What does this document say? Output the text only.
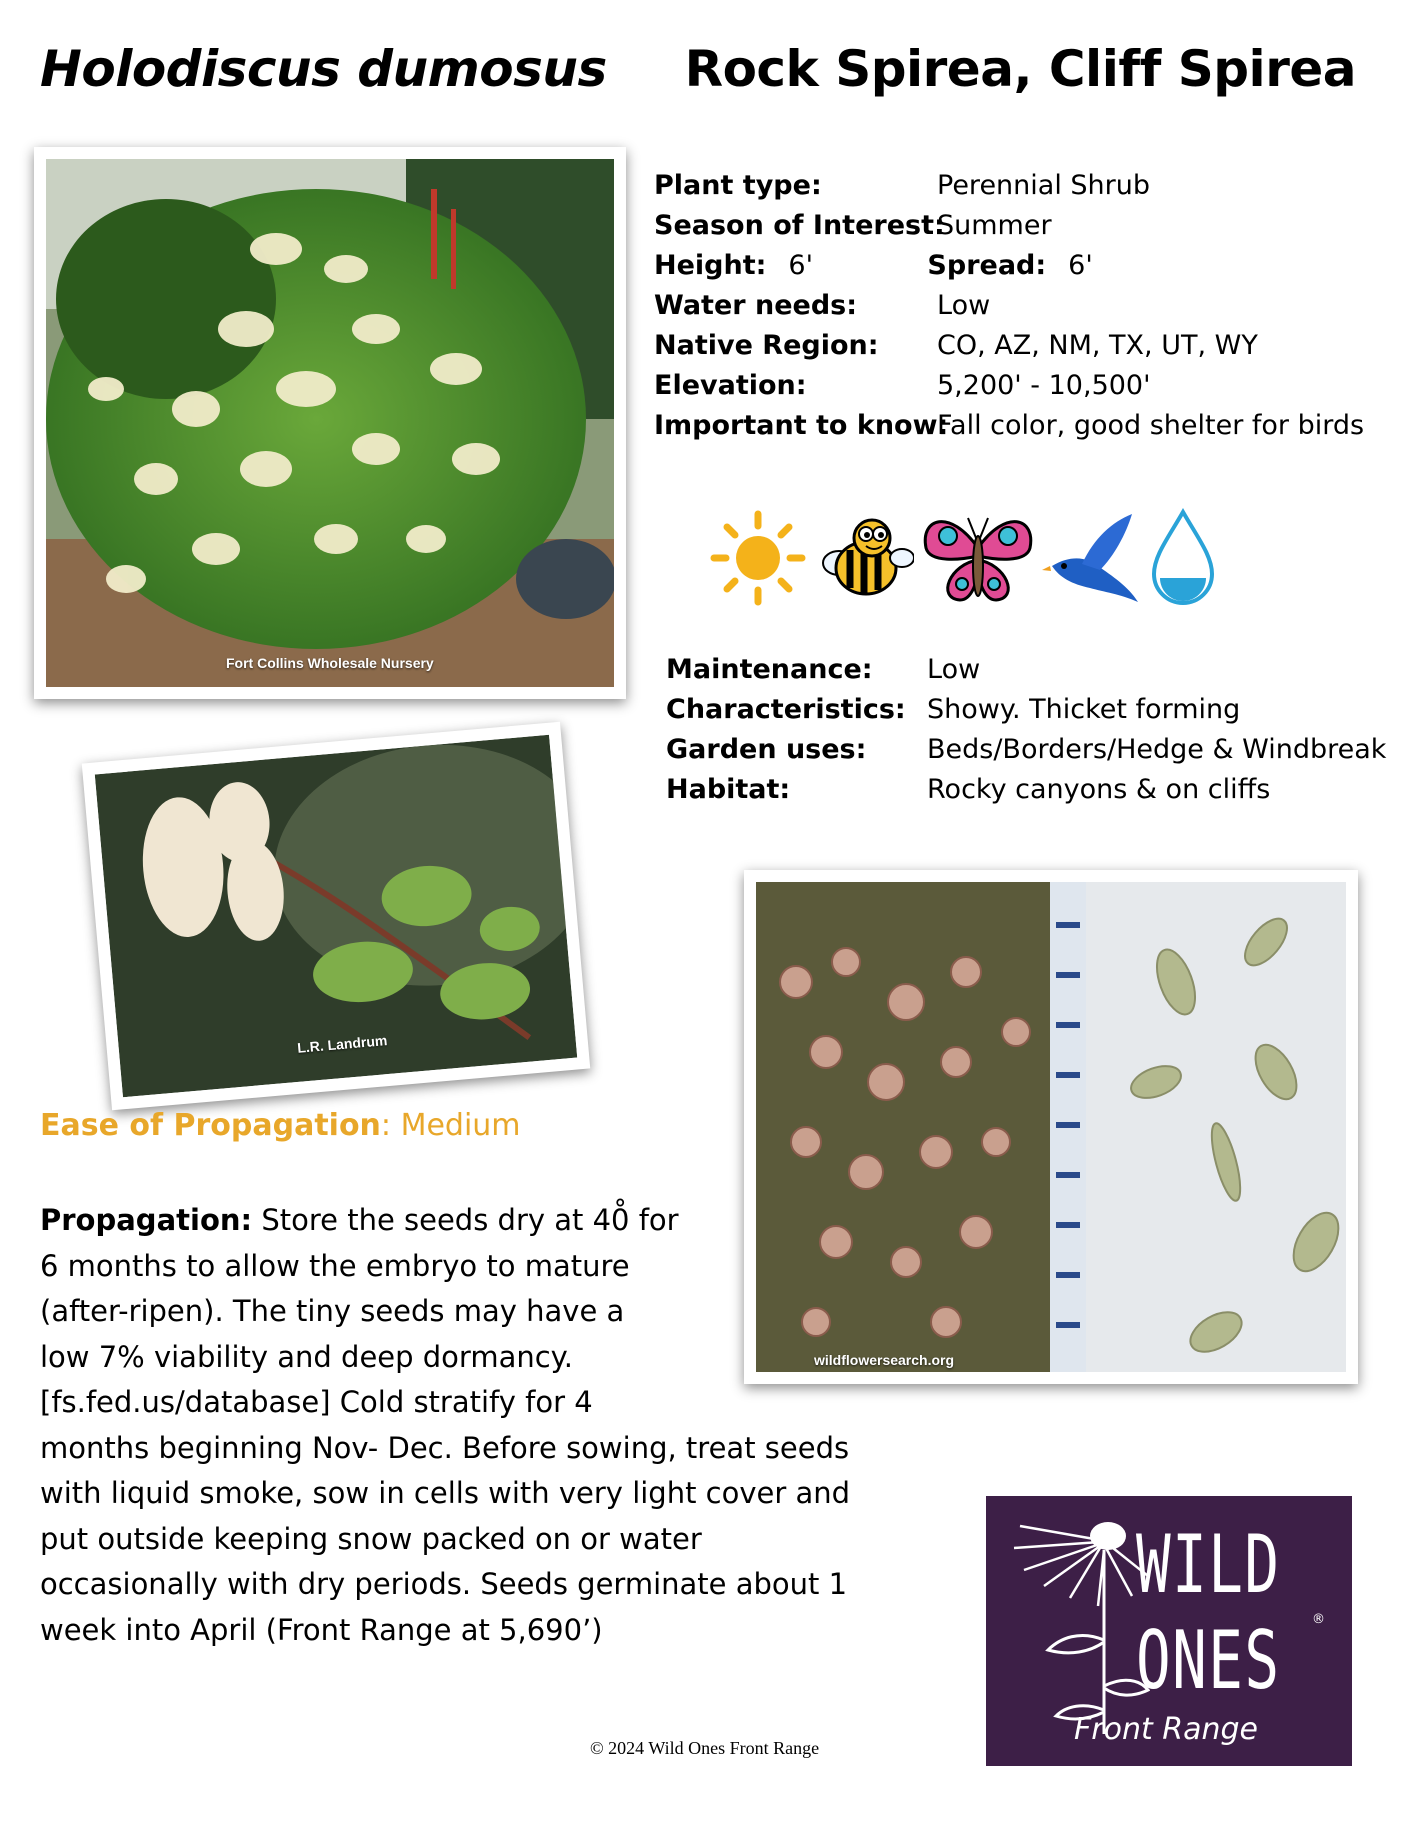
Holodiscus dumosus Rock Spirea, Cliff Spirea
Fort Collins Wholesale Nursery
L.R. Landrum
Plant type:	Perennial Shrub
Season of Interest:
Summer
Height: 6'	Spread: 6'
Water needs:	Low
Native Region:	CO, AZ, NM, TX, UT, WY
Elevation:	5,200' - 10,500'
Important to know:
Fall color, good shelter for birds
Maintenance:	Low
Characteristics: Showy. Thicket forming
Garden uses:	Beds/Borders/Hedge & Windbreak
Habitat:	Rocky canyons & on cliffs
wildflowersearch.org
Ease of Propagation: Medium
Propagation: Store the seeds dry at 40̊ for
6 months to allow the embryo to mature
(after-ripen). The tiny seeds may have a
low 7% viability and deep dormancy.
[fs.fed.us/database] Cold stratify for 4
months beginning Nov- Dec. Before sowing, treat seeds
with liquid smoke, sow in cells with very light cover and
put outside keeping snow packed on or water
occasionally with dry periods. Seeds germinate about 1
week into April (Front Range at 5,690’)
© 2024 Wild Ones Front Range
WILD
ONES ®
Front Range
